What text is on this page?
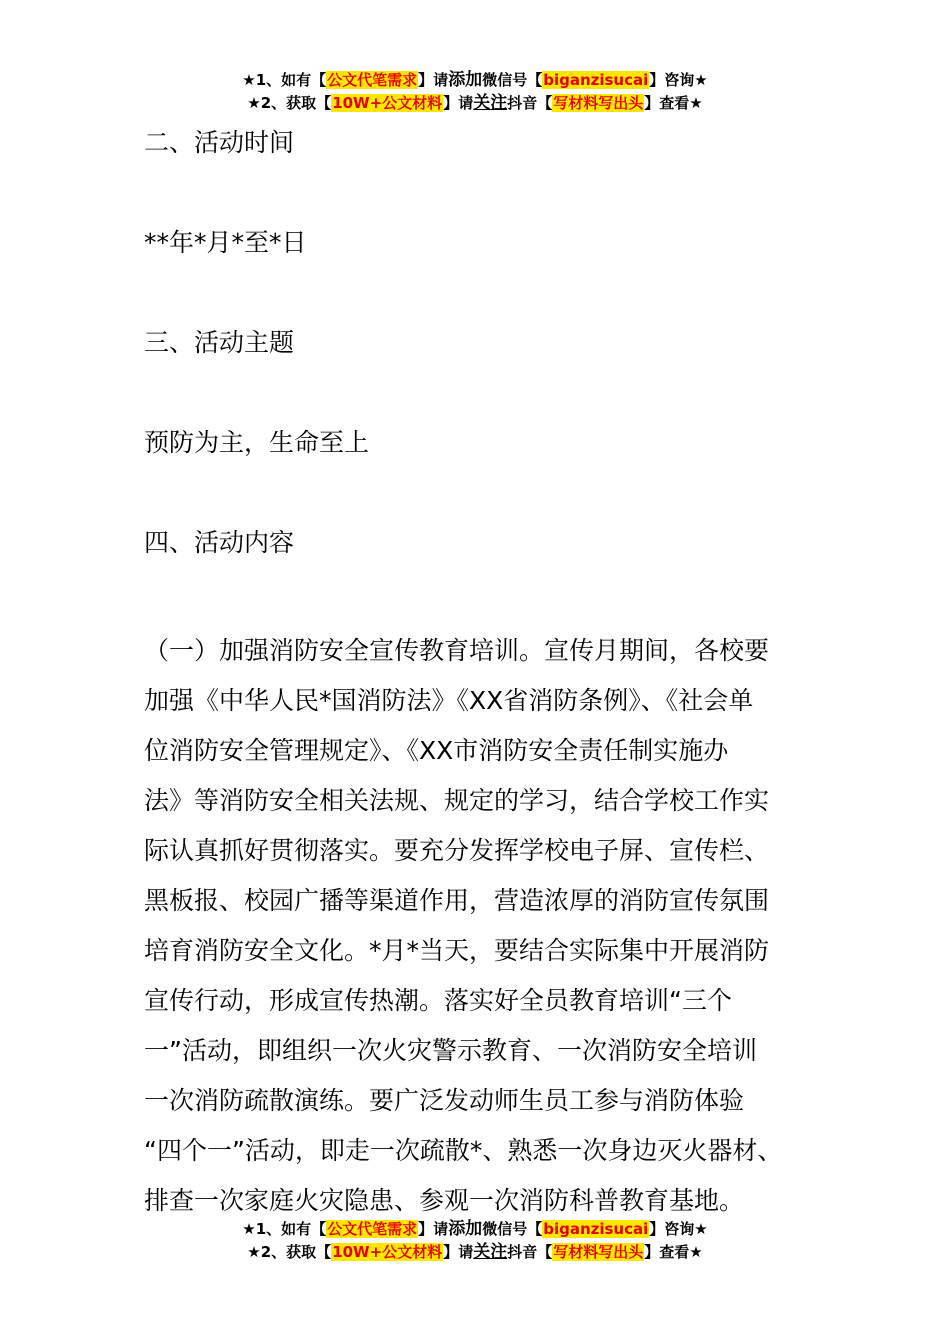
★1、如有【公文代笔需求】请添加微信号【biganzisucai】咨询★
★2、获取【10W+公文材料】请关注抖音【写材料写出头】查看★
二、活动时间
**年*月*至*日
三、活动主题
预防为主，生命至上
四、活动内容
（一）加强消防安全宣传教育培训。宣传月期间，各校要
加强《中华人民*国消防法》《XX省消防条例》、《社会单
位消防安全管理规定》、《XX市消防安全责任制实施办
法》等消防安全相关法规、规定的学习，结合学校工作实
际认真抓好贯彻落实。要充分发挥学校电子屏、宣传栏、
黑板报、校园广播等渠道作用，营造浓厚的消防宣传氛围
培育消防安全文化。*月*当天，要结合实际集中开展消防
宣传行动，形成宣传热潮。落实好全员教育培训“三个
一”活动，即组织一次火灾警示教育、一次消防安全培训
一次消防疏散演练。要广泛发动师生员工参与消防体验
“四个一”活动，即走一次疏散*、熟悉一次身边灭火器材、
排查一次家庭火灾隐患、参观一次消防科普教育基地。
★1、如有【公文代笔需求】请添加微信号【biganzisucai】咨询★
★2、获取【10W+公文材料】请关注抖音【写材料写出头】查看★
